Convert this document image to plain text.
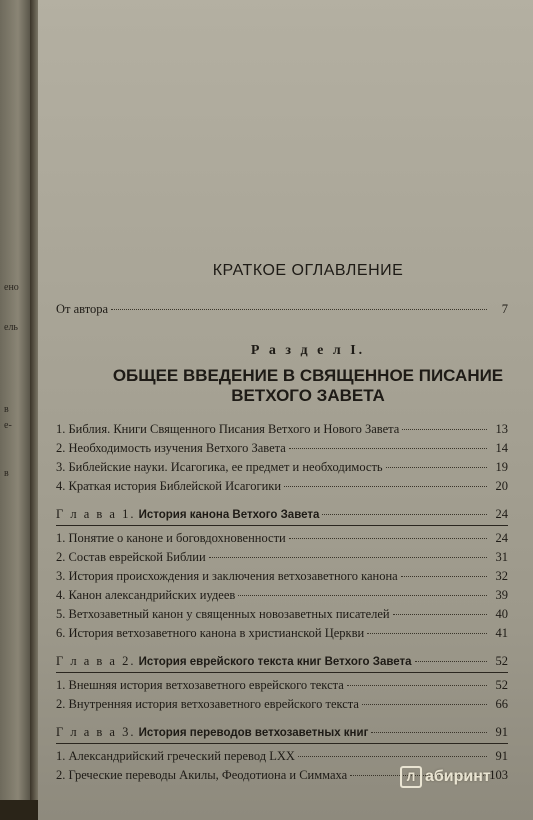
ено
ель
в
е-
в
КРАТКОЕ ОГЛАВЛЕНИЕ
От автора	7
Р а з д е л I.
ОБЩЕЕ ВВЕДЕНИЕ В СВЯЩЕННОЕ ПИСАНИЕ
ВЕТХОГО ЗАВЕТА
1. Библия. Книги Священного Писания Ветхого и Нового Завета	13
2. Необходимость изучения Ветхого Завета	14
3. Библейские науки. Исагогика, ее предмет и необходимость	19
4. Краткая история Библейской Исагогики	20
Г л а в а 1. История канона Ветхого Завета	24
1. Понятие о каноне и боговдохновенности	24
2. Состав еврейской Библии	31
3. История происхождения и заключения ветхозаветного канона	32
4. Канон александрийских иудеев	39
5. Ветхозаветный канон у священных новозаветных писателей	40
6. История ветхозаветного канона в христианской Церкви	41
Г л а в а 2. История еврейского текста книг Ветхого Завета	52
1. Внешняя история ветхозаветного еврейского текста	52
2. Внутренняя история ветхозаветного еврейского текста	66
Г л а в а 3. История переводов ветхозаветных книг	91
1. Александрийский греческий перевод LXX	91
2. Греческие переводы Акилы, Феодотиона и Симмаха	103
Л абиринт
